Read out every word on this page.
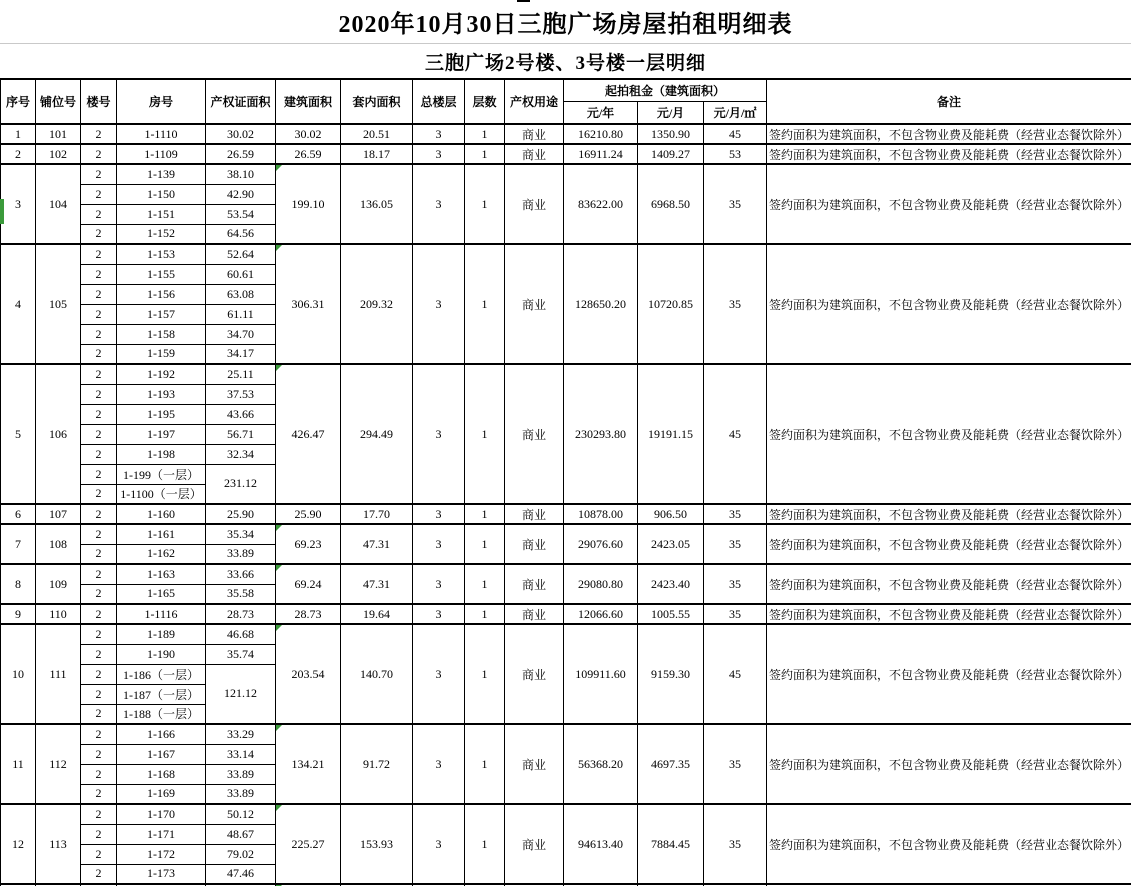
2020年10月30日三胞广场房屋拍租明细表
三胞广场2号楼、3号楼一层明细
序号	铺位号	楼号	房号	产权证面积	建筑面积	套内面积	总楼层	层数	产权用途	起拍租金（建筑面积）			备注
										元/年	元/月	元/月/㎡	
1	101	2	1-1110	30.02	30.02	20.51	3	1	商业	16210.80	1350.90	45	签约面积为建筑面积，不包含物业费及能耗费（经营业态餐饮除外）
2	102	2	1-1109	26.59	26.59	18.17	3	1	商业	16911.24	1409.27	53	签约面积为建筑面积，不包含物业费及能耗费（经营业态餐饮除外）
3	104	2	1-139	38.10	199.10	136.05	3	1	商业	83622.00	6968.50	35	签约面积为建筑面积，不包含物业费及能耗费（经营业态餐饮除外）
		2	1-150	42.90									
		2	1-151	53.54									
		2	1-152	64.56									
4	105	2	1-153	52.64	306.31	209.32	3	1	商业	128650.20	10720.85	35	签约面积为建筑面积，不包含物业费及能耗费（经营业态餐饮除外）
		2	1-155	60.61									
		2	1-156	63.08									
		2	1-157	61.11									
		2	1-158	34.70									
		2	1-159	34.17									
5	106	2	1-192	25.11	426.47	294.49	3	1	商业	230293.80	19191.15	45	签约面积为建筑面积，不包含物业费及能耗费（经营业态餐饮除外）
		2	1-193	37.53									
		2	1-195	43.66									
		2	1-197	56.71									
		2	1-198	32.34									
		2	1-199（一层）	231.12									
		2	1-1100（一层）										
6	107	2	1-160	25.90	25.90	17.70	3	1	商业	10878.00	906.50	35	签约面积为建筑面积，不包含物业费及能耗费（经营业态餐饮除外）
7	108	2	1-161	35.34	69.23	47.31	3	1	商业	29076.60	2423.05	35	签约面积为建筑面积，不包含物业费及能耗费（经营业态餐饮除外）
		2	1-162	33.89									
8	109	2	1-163	33.66	69.24	47.31	3	1	商业	29080.80	2423.40	35	签约面积为建筑面积，不包含物业费及能耗费（经营业态餐饮除外）
		2	1-165	35.58									
9	110	2	1-1116	28.73	28.73	19.64	3	1	商业	12066.60	1005.55	35	签约面积为建筑面积，不包含物业费及能耗费（经营业态餐饮除外）
10	111	2	1-189	46.68	203.54	140.70	3	1	商业	109911.60	9159.30	45	签约面积为建筑面积，不包含物业费及能耗费（经营业态餐饮除外）
		2	1-190	35.74									
		2	1-186（一层）	121.12									
		2	1-187（一层）										
		2	1-188（一层）										
11	112	2	1-166	33.29	134.21	91.72	3	1	商业	56368.20	4697.35	35	签约面积为建筑面积，不包含物业费及能耗费（经营业态餐饮除外）
		2	1-167	33.14									
		2	1-168	33.89									
		2	1-169	33.89									
12	113	2	1-170	50.12	225.27	153.93	3	1	商业	94613.40	7884.45	35	签约面积为建筑面积，不包含物业费及能耗费（经营业态餐饮除外）
		2	1-171	48.67									
		2	1-172	79.02									
		2	1-173	47.46									
